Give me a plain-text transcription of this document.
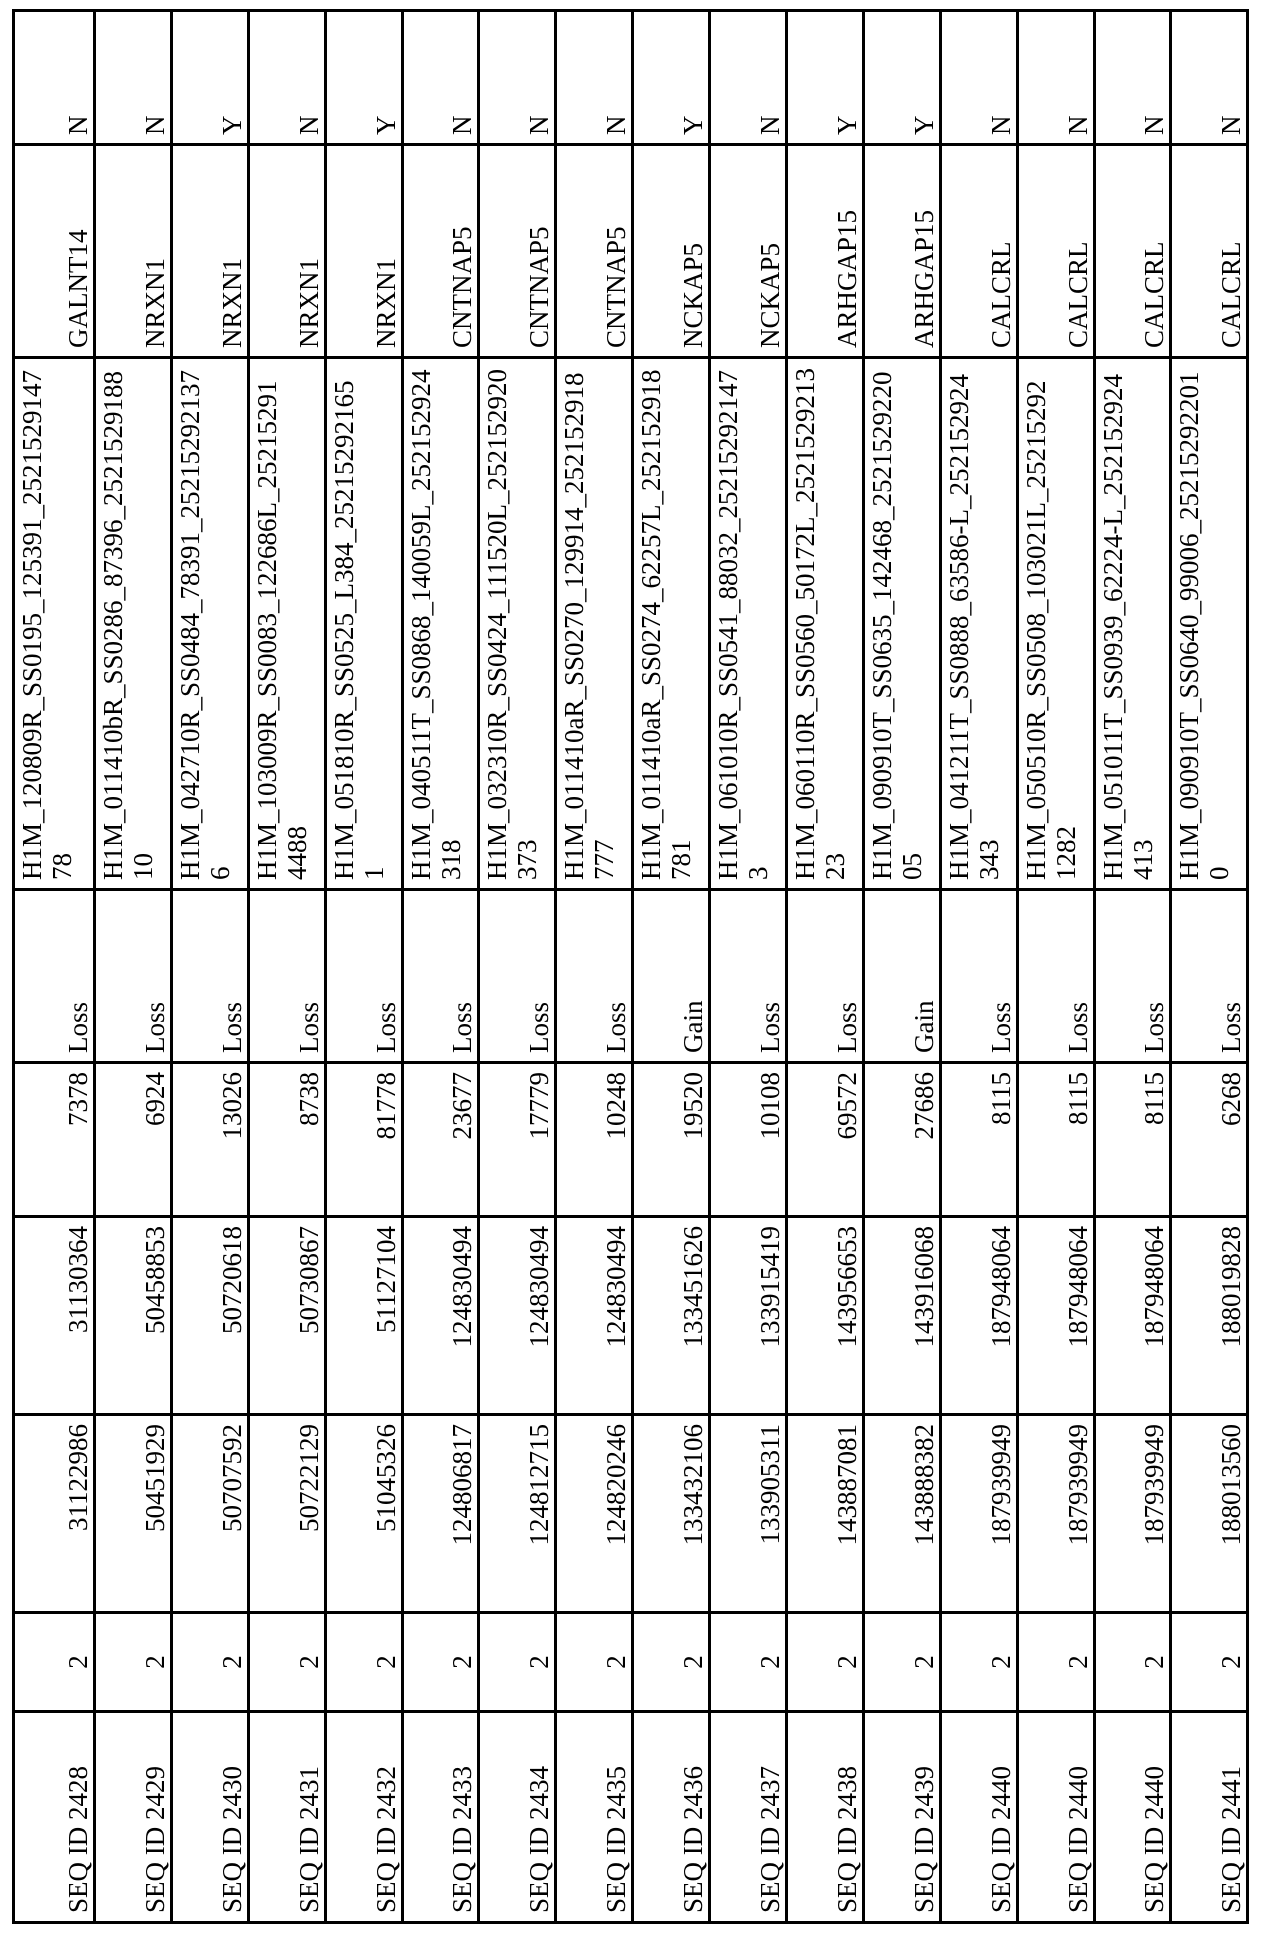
SEQ ID 2428	2	31122986	31130364	7378	Loss	H1M_120809R_SS0195_125391_252152914778	GALNT14	N
SEQ ID 2429	2	50451929	50458853	6924	Loss	H1M_011410bR_SS0286_87396_252152918810	NRXN1	N
SEQ ID 2430	2	50707592	50720618	13026	Loss	H1M_042710R_SS0484_78391_252152921376	NRXN1	Y
SEQ ID 2431	2	50722129	50730867	8738	Loss	H1M_103009R_SS0083_122686L_252152914488	NRXN1	N
SEQ ID 2432	2	51045326	51127104	81778	Loss	H1M_051810R_SS0525_L384_252152921651	NRXN1	Y
SEQ ID 2433	2	124806817	124830494	23677	Loss	H1M_040511T_SS0868_140059L_252152924318	CNTNAP5	N
SEQ ID 2434	2	124812715	124830494	17779	Loss	H1M_032310R_SS0424_111520L_252152920373	CNTNAP5	N
SEQ ID 2435	2	124820246	124830494	10248	Loss	H1M_011410aR_SS0270_129914_252152918777	CNTNAP5	N
SEQ ID 2436	2	133432106	133451626	19520	Gain	H1M_011410aR_SS0274_62257L_252152918781	NCKAP5	Y
SEQ ID 2437	2	133905311	133915419	10108	Loss	H1M_061010R_SS0541_88032_252152921473	NCKAP5	N
SEQ ID 2438	2	143887081	143956653	69572	Loss	H1M_060110R_SS0560_50172L_252152921323	ARHGAP15	Y
SEQ ID 2439	2	143888382	143916068	27686	Gain	H1M_090910T_SS0635_142468_252152922005	ARHGAP15	Y
SEQ ID 2440	2	187939949	187948064	8115	Loss	H1M_041211T_SS0888_63586-L_252152924343	CALCRL	N
SEQ ID 2440	2	187939949	187948064	8115	Loss	H1M_050510R_SS0508_103021L_252152921282	CALCRL	N
SEQ ID 2440	2	187939949	187948064	8115	Loss	H1M_051011T_SS0939_62224-L_252152924413	CALCRL	N
SEQ ID 2441	2	188013560	188019828	6268	Loss	H1M_090910T_SS0640_99006_252152922010	CALCRL	N
